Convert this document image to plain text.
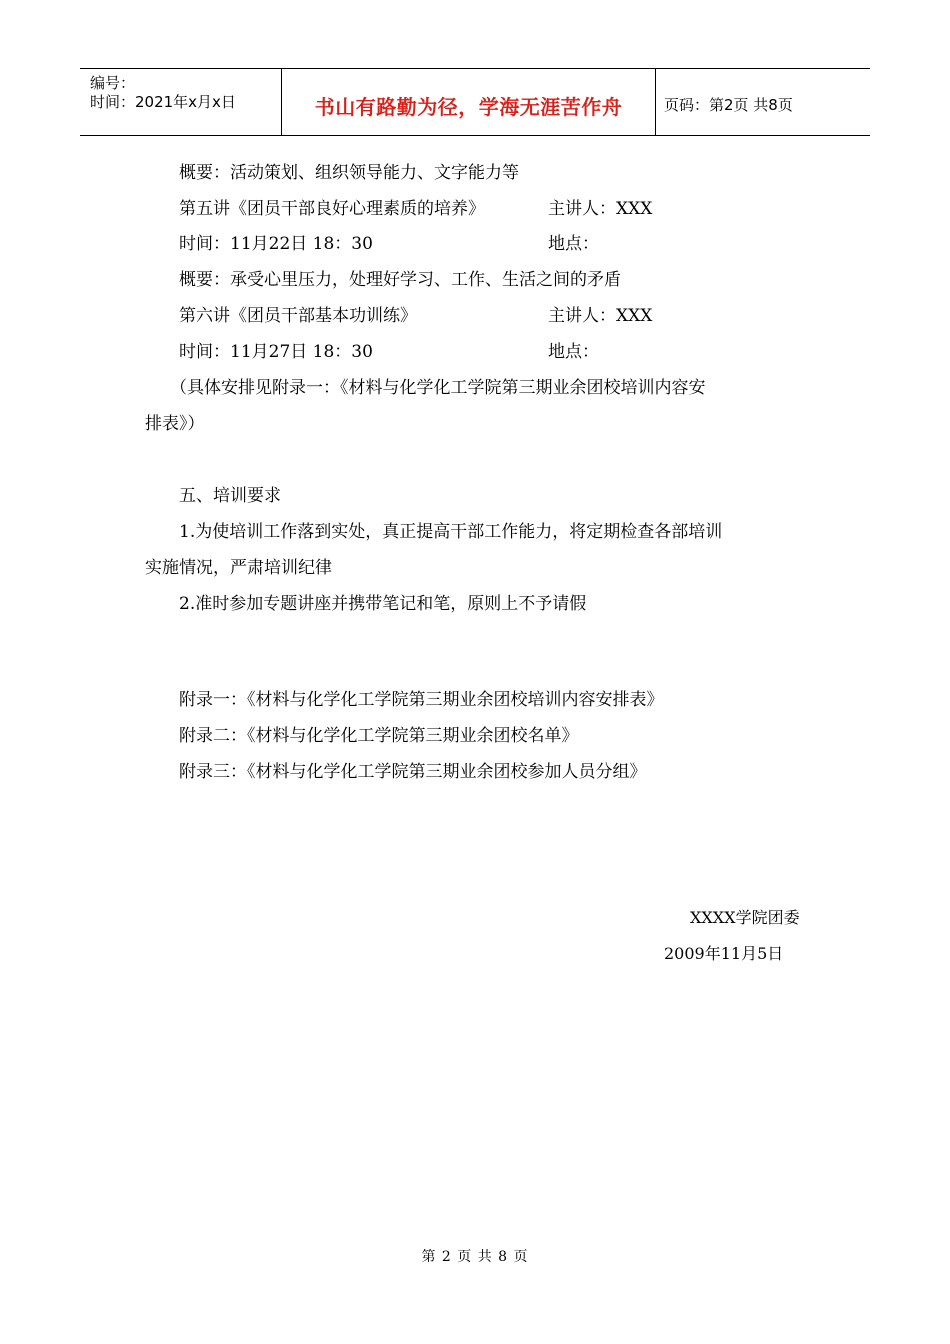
编号：
时间：2021年x月x日	书山有路勤为径，学海无涯苦作舟	页码：第2页 共8页
概要：活动策划、组织领导能力、文字能力等
第五讲《团员干部良好心理素质的培养》	主讲人：XXX
时间：11月22日 18：30	地点：
概要：承受心里压力，处理好学习、工作、生活之间的矛盾
第六讲《团员干部基本功训练》	主讲人：XXX
时间：11月27日 18：30	地点：
（具体安排见附录一：《材料与化学化工学院第三期业余团校培训内容安
排表》）
五、培训要求
1.为使培训工作落到实处，真正提高干部工作能力，将定期检查各部培训
实施情况，严肃培训纪律
2.准时参加专题讲座并携带笔记和笔，原则上不予请假
附录一：《材料与化学化工学院第三期业余团校培训内容安排表》
附录二：《材料与化学化工学院第三期业余团校名单》
附录三：《材料与化学化工学院第三期业余团校参加人员分组》
XXXX学院团委
2009年11月5日
第 2 页 共 8 页
